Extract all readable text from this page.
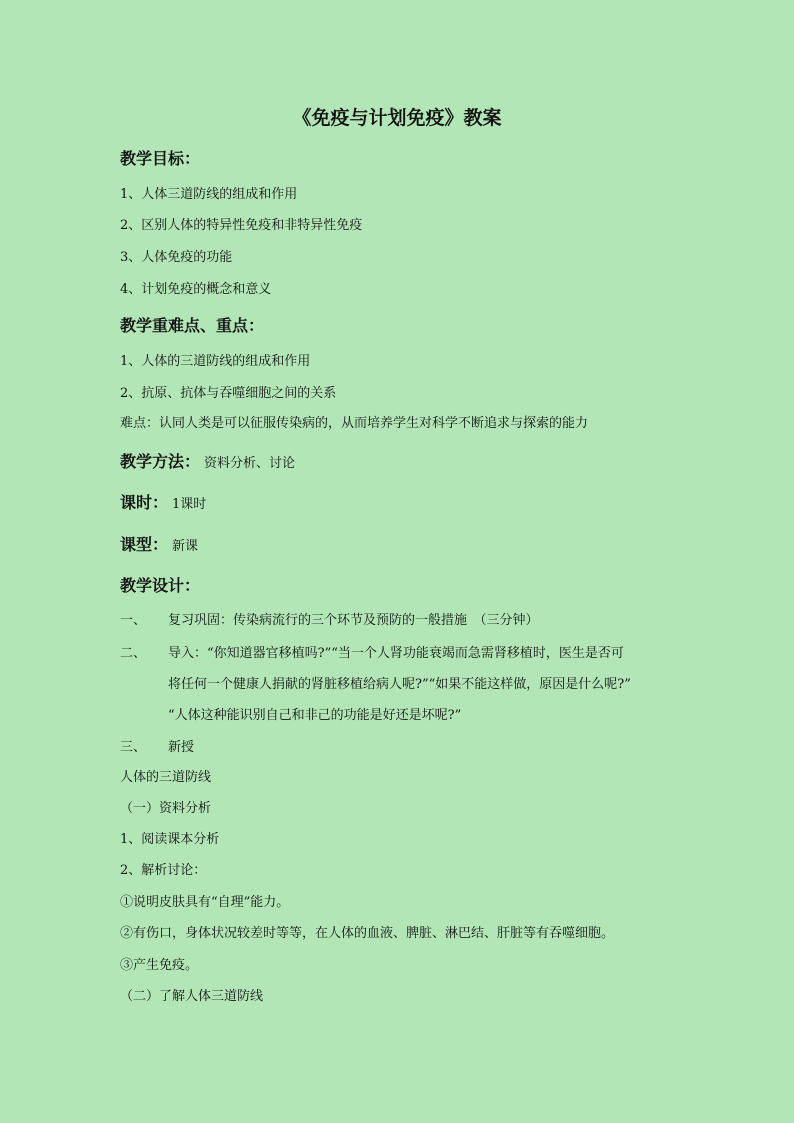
《免疫与计划免疫》教案
教学目标：
1、人体三道防线的组成和作用
2、区别人体的特异性免疫和非特异性免疫
3、人体免疫的功能
4、计划免疫的概念和意义
教学重难点、重点：
1、人体的三道防线的组成和作用
2、抗原、抗体与吞噬细胞之间的关系
难点：认同人类是可以征服传染病的，从而培养学生对科学不断追求与探索的能力
教学方法： 资料分析、讨论
课时： 1课时
课型： 新课
教学设计：
一、 复习巩固：传染病流行的三个环节及预防的一般措施　（三分钟）
二、 导入：“你知道器官移植吗?”“当一个人肾功能衰竭而急需肾移植时，医生是否可
将任何一个健康人捐献的肾脏移植给病人呢?”“如果不能这样做，原因是什么呢?”
“人体这种能识别自己和非己的功能是好还是坏呢?”
三、 新授
人体的三道防线
（一）资料分析
1、阅读课本分析
2、解析讨论：
①说明皮肤具有“自理”能力。
②有伤口，身体状况较差时等等，在人体的血液、脾脏、淋巴结、肝脏等有吞噬细胞。
③产生免疫。
（二）了解人体三道防线
